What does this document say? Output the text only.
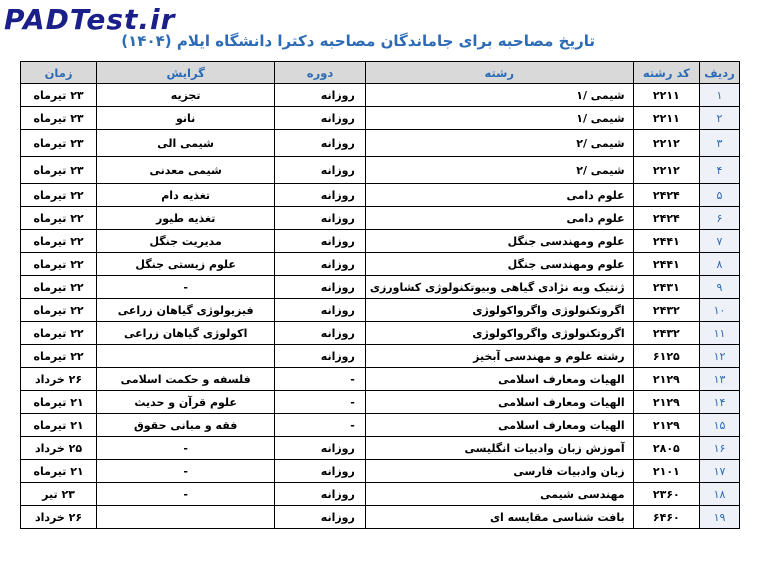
PADTest.ir
تاریخ مصاحبه برای جاماندگان مصاحبه دکترا دانشگاه ایلام (۱۴۰۴)
ردیف	کد رشته	رشته	دوره	گرایش	زمان
۱	۲۲۱۱	شیمی /۱	روزانه	تجزیه	۲۳ تیرماه
۲	۲۲۱۱	شیمی /۱	روزانه	نانو	۲۳ تیرماه
۳	۲۲۱۲	شیمی /۲	روزانه	شیمی الی	۲۳ تیرماه
۴	۲۲۱۲	شیمی /۲	روزانه	شیمی معدنی	۲۳ تیرماه
۵	۲۴۲۴	علوم دامی	روزانه	تغذیه دام	۲۲ تیرماه
۶	۲۴۲۴	علوم دامی	روزانه	تغذیه طیور	۲۲ تیرماه
۷	۲۴۴۱	علوم ومهندسی جنگل	روزانه	مدیریت جنگل	۲۲ تیرماه
۸	۲۴۴۱	علوم ومهندسی جنگل	روزانه	علوم زیستی جنگل	۲۲ تیرماه
۹	۲۴۳۱	ژنتیک وبه نژادی گیاهی وبیوتکنولوژی کشاورزی	روزانه	-	۲۲ تیرماه
۱۰	۲۴۳۲	اگروتکنولوژی واگرواکولوژی	روزانه	فیزیولوژی گیاهان زراعی	۲۲ تیرماه
۱۱	۲۴۳۲	اگروتکنولوژی واگرواکولوژی	روزانه	اکولوژی گیاهان زراعی	۲۲ تیرماه
۱۲	۶۱۲۵	رشته علوم و مهندسی آبخیز	روزانه		۲۲ تیرماه
۱۳	۲۱۲۹	الهیات ومعارف اسلامی	-	فلسفه و حکمت اسلامی	۲۶ خرداد
۱۴	۲۱۲۹	الهیات ومعارف اسلامی	-	علوم قرآن و حدیث	۲۱ تیرماه
۱۵	۲۱۲۹	الهیات ومعارف اسلامی	-	فقه و مبانی حقوق	۲۱ تیرماه
۱۶	۲۸۰۵	آموزش زبان وادبیات انگلیسی	روزانه	-	۲۵ خرداد
۱۷	۲۱۰۱	زبان وادبیات فارسی	روزانه	-	۲۱ تیرماه
۱۸	۲۳۶۰	مهندسی شیمی	روزانه	-	۲۳ تیر
۱۹	۶۴۶۰	بافت شناسی مقایسه ای	روزانه		۲۶ خرداد
